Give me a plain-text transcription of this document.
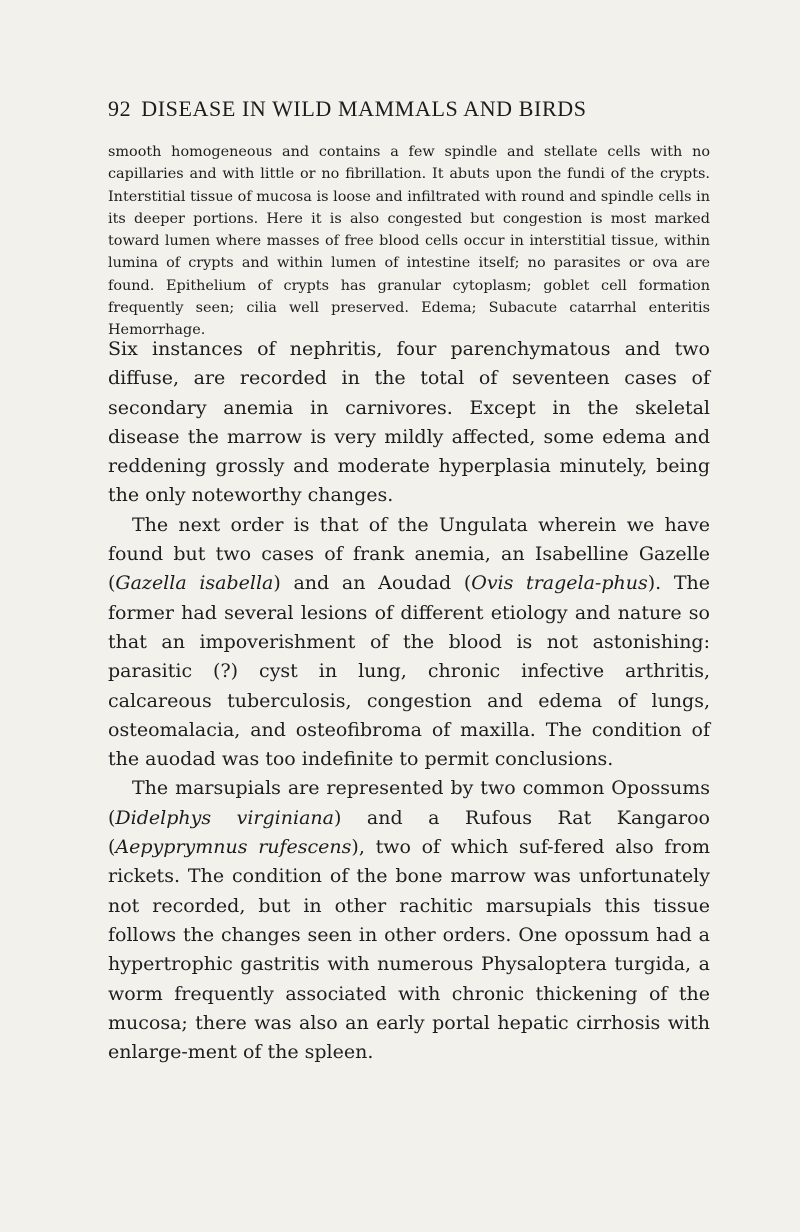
92 DISEASE IN WILD MAMMALS AND BIRDS

smooth homogeneous and contains a few spindle and stellate cells with no capillaries and with little or no fibrillation. It abuts upon the fundi of the crypts. Interstitial tissue of mucosa is loose and infiltrated with round and spindle cells in its deeper portions. Here it is also congested but congestion is most marked toward lumen where masses of free blood cells occur in interstitial tissue, within lumina of crypts and within lumen of intestine itself; no parasites or ova are found. Epithelium of crypts has granular cytoplasm; goblet cell formation frequently seen; cilia well preserved. Edema; Subacute catarrhal enteritis Hemorrhage.

Six instances of nephritis, four parenchymatous and two diffuse, are recorded in the total of seventeen cases of secondary anemia in carnivores. Except in the skeletal disease the marrow is very mildly affected, some edema and reddening grossly and moderate hyperplasia minutely, being the only noteworthy changes.

The next order is that of the Ungulata wherein we have found but two cases of frank anemia, an Isabelline Gazelle (Gazella isabella) and an Aoudad (Ovis tragela-phus). The former had several lesions of different etiology and nature so that an impoverishment of the blood is not astonishing: parasitic (?) cyst in lung, chronic infective arthritis, calcareous tuberculosis, congestion and edema of lungs, osteomalacia, and osteofibroma of maxilla. The condition of the auodad was too indefinite to permit conclusions.

The marsupials are represented by two common Opossums (Didelphys virginiana) and a Rufous Rat Kangaroo (Aepyprymnus rufescens), two of which suf-fered also from rickets. The condition of the bone marrow was unfortunately not recorded, but in other rachitic marsupials this tissue follows the changes seen in other orders. One opossum had a hypertrophic gastritis with numerous Physaloptera turgida, a worm frequently associated with chronic thickening of the mucosa; there was also an early portal hepatic cirrhosis with enlarge-ment of the spleen.
